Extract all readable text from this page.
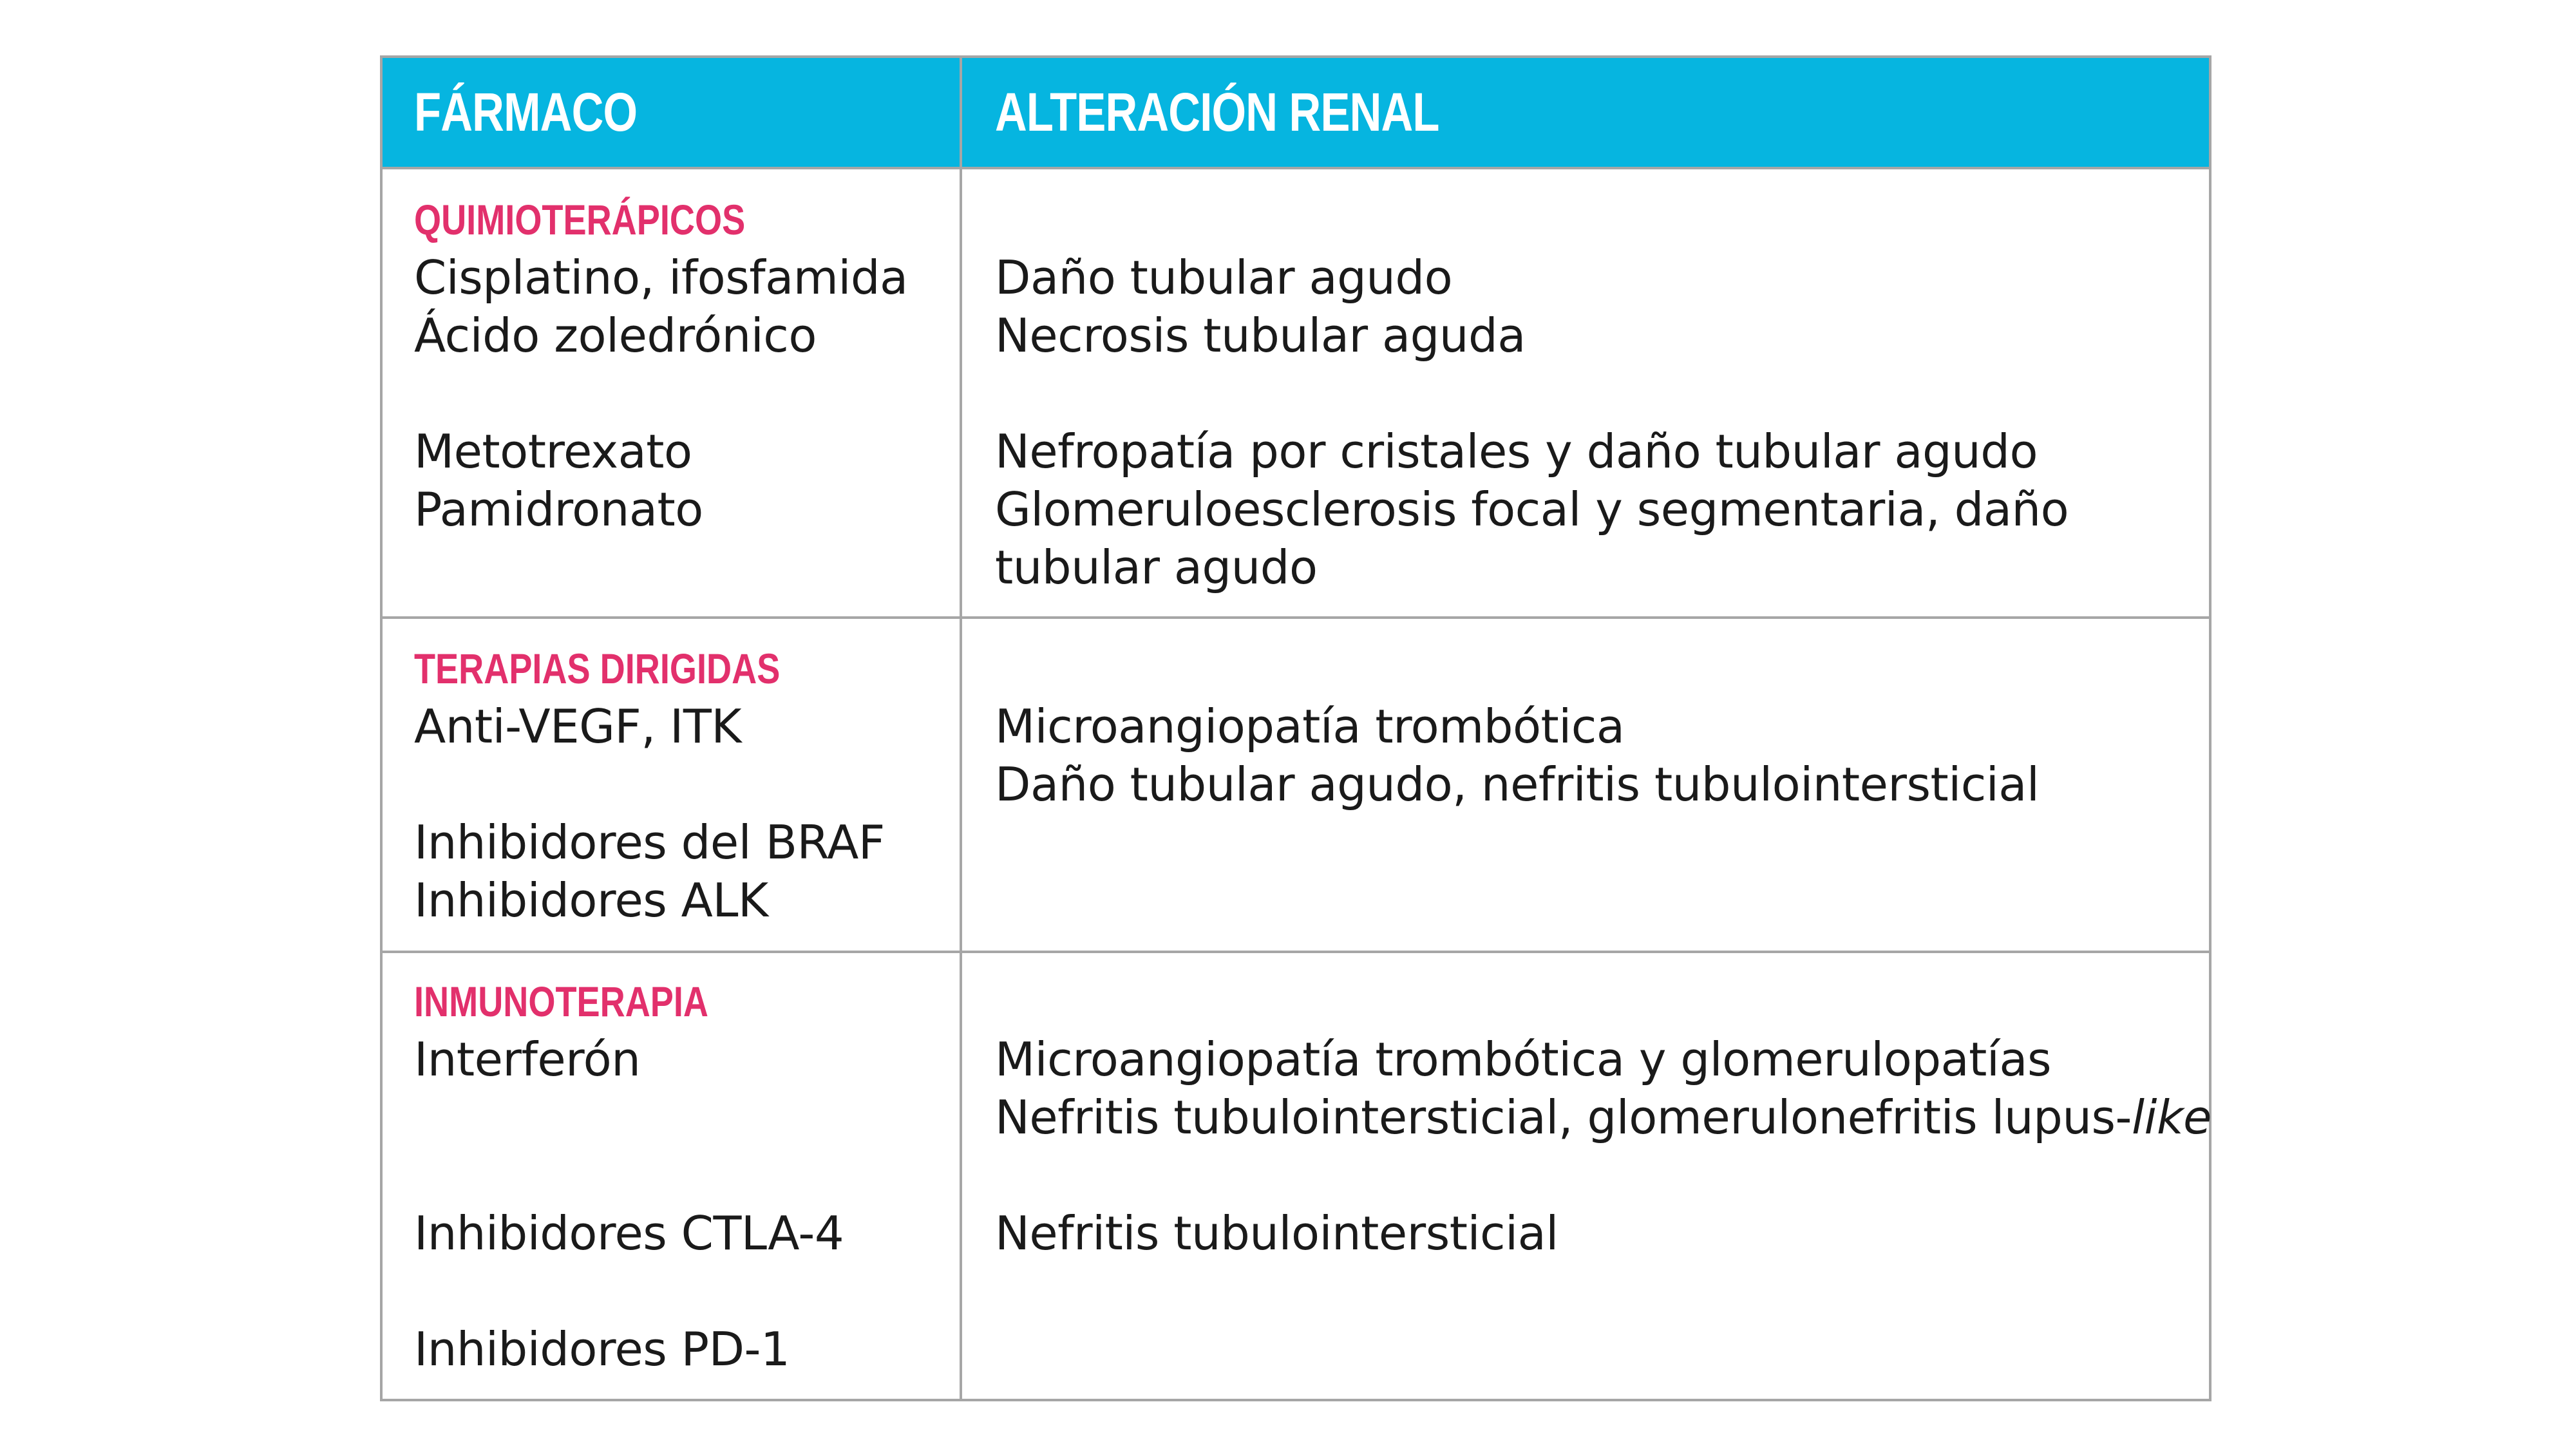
FÁRMACO	ALTERACIÓN RENAL
QUIMIOTERÁPICOS
Cisplatino, ifosfamida
Ácido zoledrónico
Metotrexato
Pamidronato
Daño tubular agudo
Necrosis tubular aguda
Nefropatía por cristales y daño tubular agudo
Glomeruloesclerosis focal y segmentaria, daño
tubular agudo
TERAPIAS DIRIGIDAS
Anti-VEGF, ITK
Inhibidores del BRAF
Inhibidores ALK
Microangiopatía trombótica
Daño tubular agudo, nefritis tubulointersticial
INMUNOTERAPIA
Interferón
Inhibidores CTLA-4
Inhibidores PD-1
Microangiopatía trombótica y glomerulopatías
Nefritis tubulointersticial, glomerulonefritis lupus-like
Nefritis tubulointersticial
